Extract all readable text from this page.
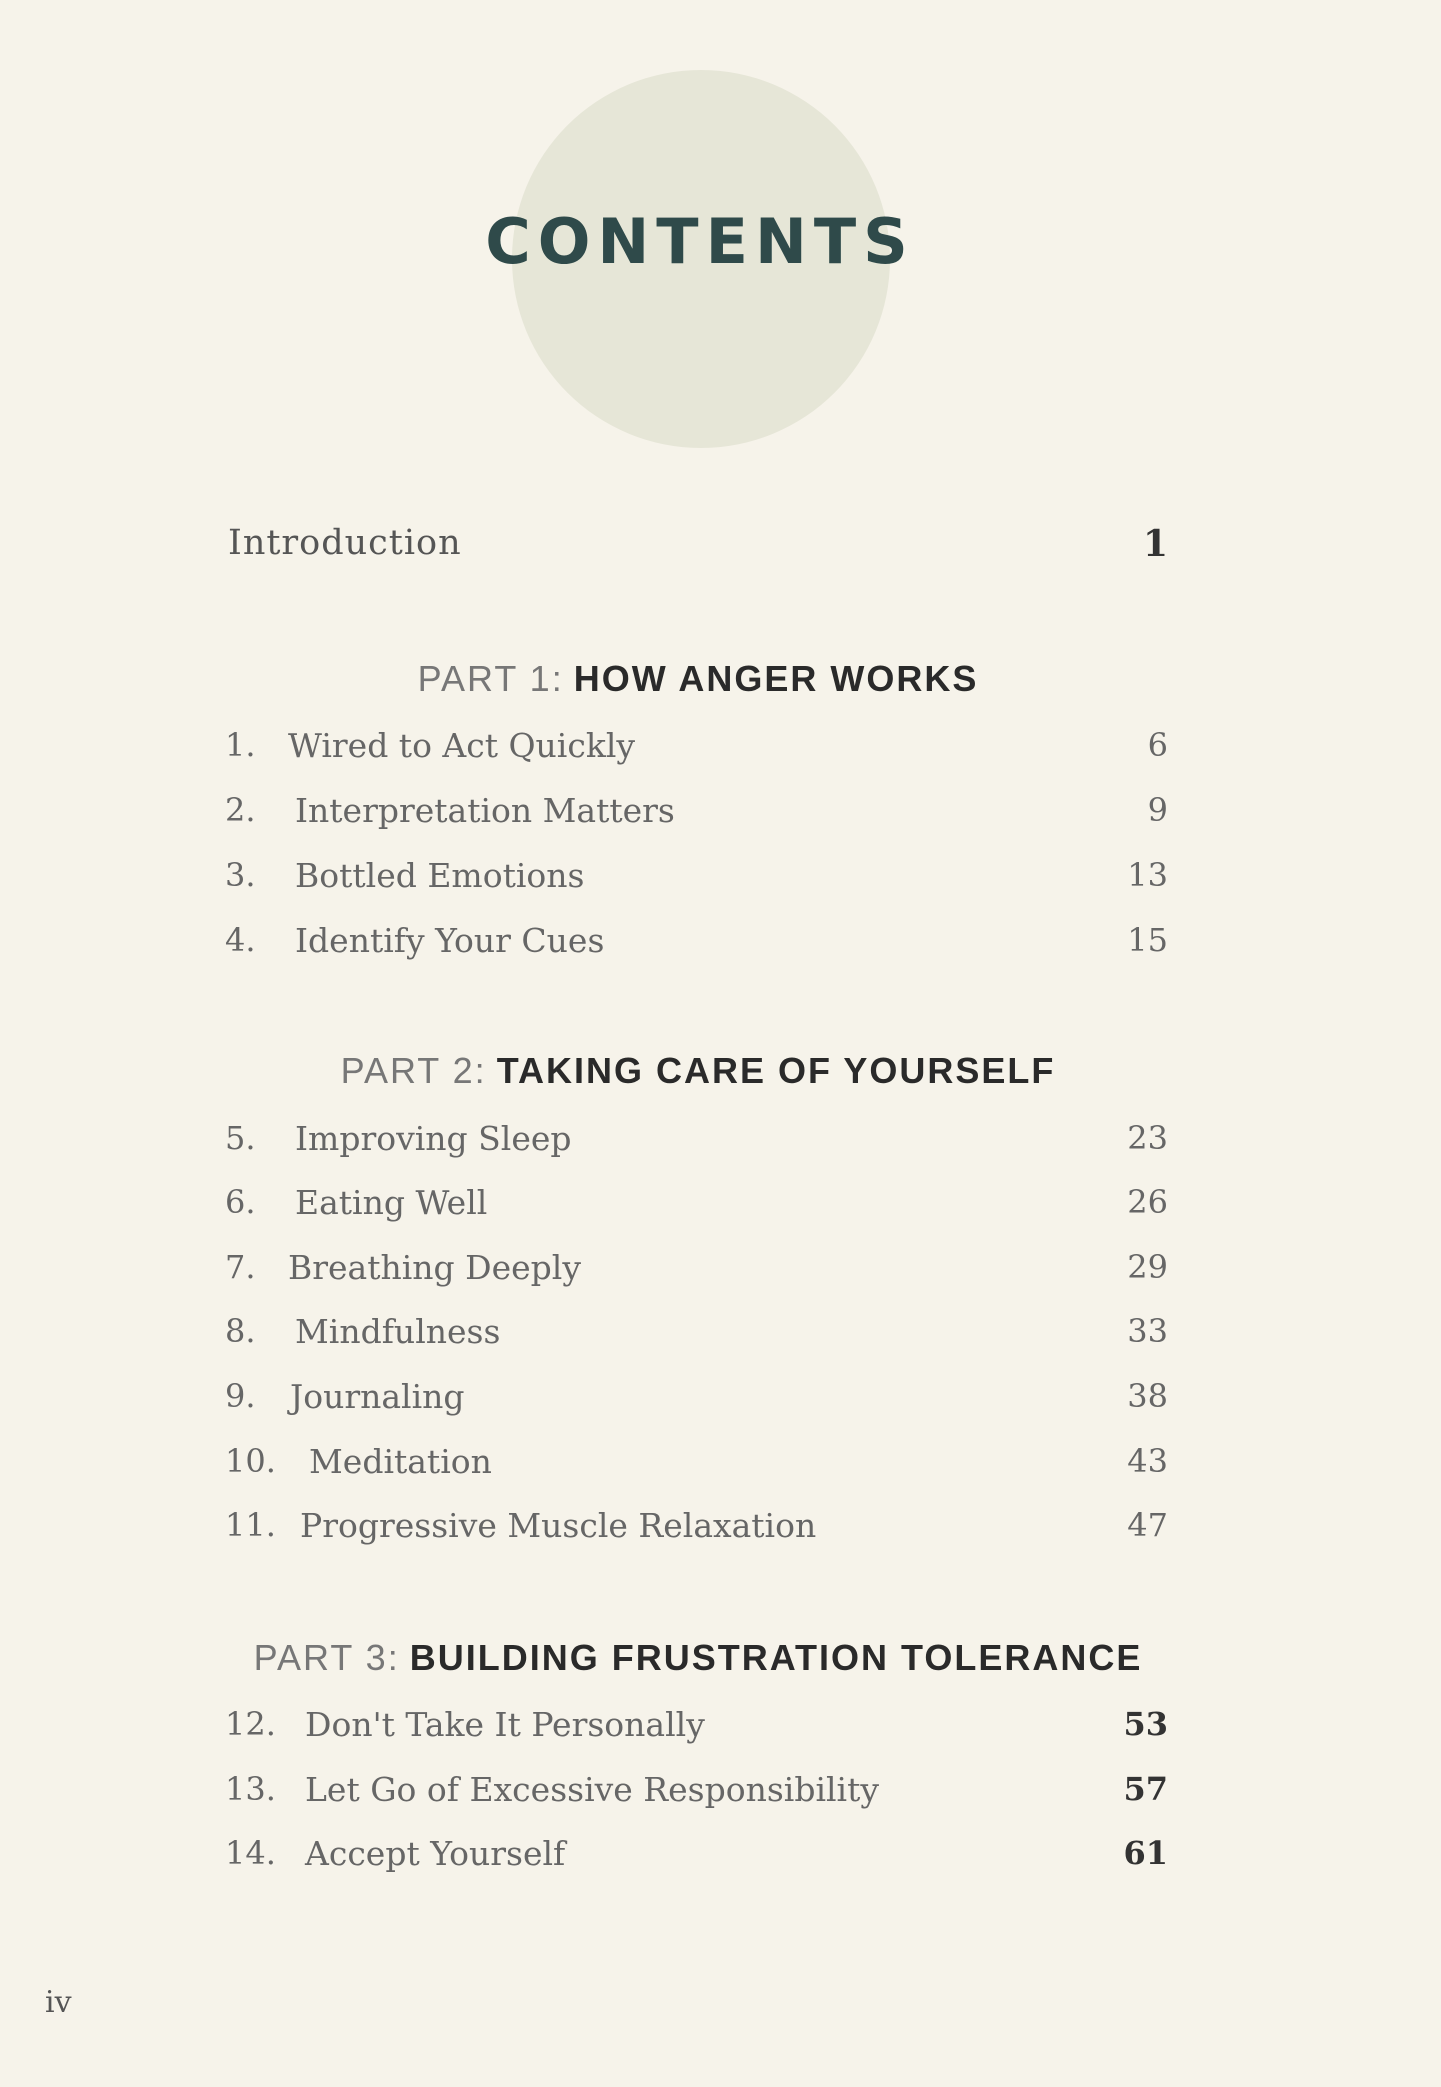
CONTENTS
Introduction	1
PART 1: HOW ANGER WORKS
1. Wired to Act Quickly	6
2. Interpretation Matters	9
3. Bottled Emotions	13
4. Identify Your Cues	15
PART 2: TAKING CARE OF YOURSELF
5. Improving Sleep	23
6. Eating Well	26
7. Breathing Deeply	29
8. Mindfulness	33
9. Journaling	38
10. Meditation	43
11. Progressive Muscle Relaxation	47
PART 3: BUILDING FRUSTRATION TOLERANCE
12. Don't Take It Personally	53
13. Let Go of Excessive Responsibility	57
14. Accept Yourself	61
iv
